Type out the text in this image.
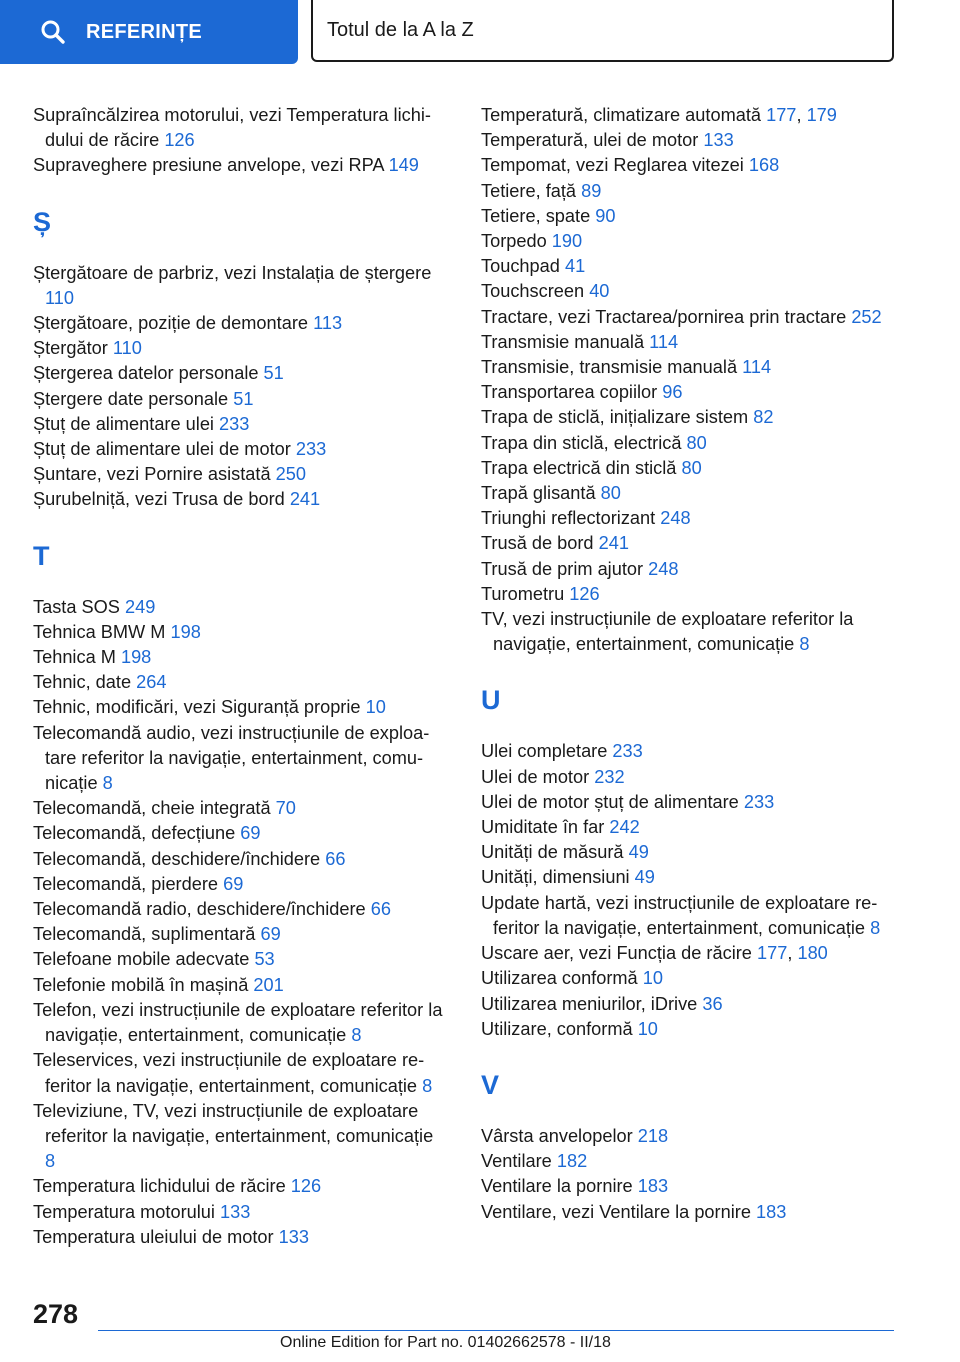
REFERINȚE	Totul de la A la Z
Supraîncălzirea motorului, vezi Temperatura lichidului de răcire 126
Supraveghere presiune anvelope, vezi RPA 149
Ș
Ștergătoare de parbriz, vezi Instalația de ștergere 110
Ștergătoare, poziție de demontare 113
Ștergător 110
Ștergerea datelor personale 51
Ștergere date personale 51
Ștuț de alimentare ulei 233
Ștuț de alimentare ulei de motor 233
Șuntare, vezi Pornire asistată 250
Șurubelniță, vezi Trusa de bord 241
T
Tasta SOS 249
Tehnica BMW M 198
Tehnica M 198
Tehnic, date 264
Tehnic, modificări, vezi Siguranță proprie 10
Telecomandă audio, vezi instrucțiunile de exploatare referitor la navigație, entertainment, comunicație 8
Telecomandă, cheie integrată 70
Telecomandă, defecțiune 69
Telecomandă, deschidere/închidere 66
Telecomandă, pierdere 69
Telecomandă radio, deschidere/închidere 66
Telecomandă, suplimentară 69
Telefoane mobile adecvate 53
Telefonie mobilă în mașină 201
Telefon, vezi instrucțiunile de exploatare referitor la navigație, entertainment, comunicație 8
Teleservices, vezi instrucțiunile de exploatare referitor la navigație, entertainment, comunicație 8
Televiziune, TV, vezi instrucțiunile de exploatare referitor la navigație, entertainment, comunicație 8
Temperatura lichidului de răcire 126
Temperatura motorului 133
Temperatura uleiului de motor 133
Temperatură, climatizare automată 177, 179
Temperatură, ulei de motor 133
Tempomat, vezi Reglarea vitezei 168
Tetiere, față 89
Tetiere, spate 90
Torpedo 190
Touchpad 41
Touchscreen 40
Tractare, vezi Tractarea/pornirea prin tractare 252
Transmisie manuală 114
Transmisie, transmisie manuală 114
Transportarea copiilor 96
Trapa de sticlă, inițializare sistem 82
Trapa din sticlă, electrică 80
Trapa electrică din sticlă 80
Trapă glisantă 80
Triunghi reflectorizant 248
Trusă de bord 241
Trusă de prim ajutor 248
Turometru 126
TV, vezi instrucțiunile de exploatare referitor la navigație, entertainment, comunicație 8
U
Ulei completare 233
Ulei de motor 232
Ulei de motor ștuț de alimentare 233
Umiditate în far 242
Unități de măsură 49
Unități, dimensiuni 49
Update hartă, vezi instrucțiunile de exploatare referitor la navigație, entertainment, comunicație 8
Uscare aer, vezi Funcția de răcire 177, 180
Utilizarea conformă 10
Utilizarea meniurilor, iDrive 36
Utilizare, conformă 10
V
Vârsta anvelopelor 218
Ventilare 182
Ventilare la pornire 183
Ventilare, vezi Ventilare la pornire 183
278
Online Edition for Part no. 01402662578 - II/18
